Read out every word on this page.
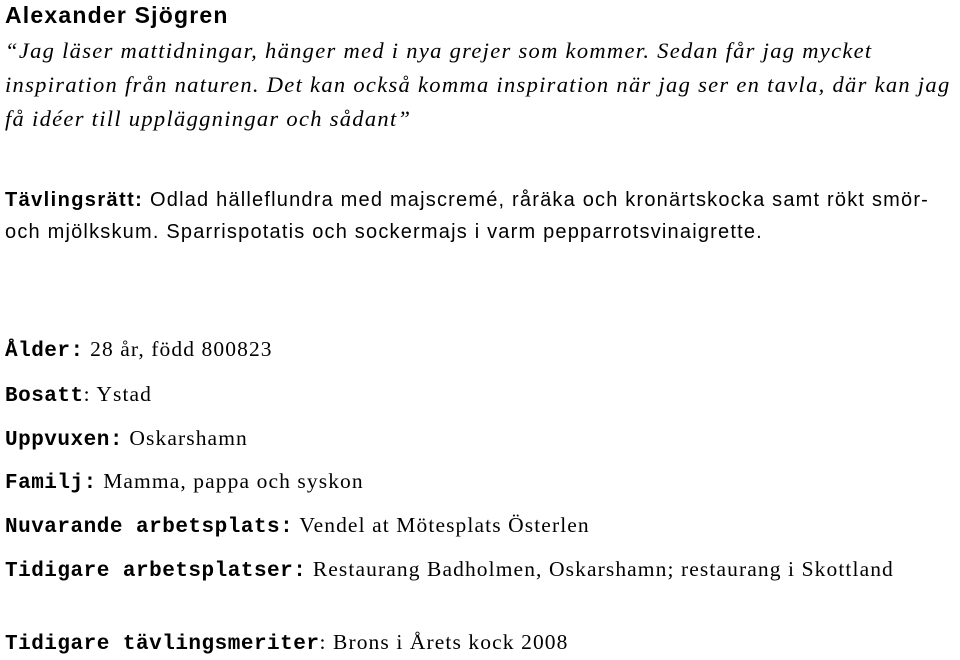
Alexander Sjögren

“Jag läser mattidningar, hänger med i nya grejer som kommer. Sedan får jag mycket inspiration från naturen. Det kan också komma inspiration när jag ser en tavla, där kan jag få idéer till uppläggningar och sådant”

Tävlingsrätt: Odlad hälleflundra med majscremé, råräka och kronärtskocka samt rökt smör- och mjölkskum. Sparrispotatis och sockermajs i varm pepparrotsvinaigrette.

Ålder: 28 år, född 800823

Bosatt: Ystad

Uppvuxen: Oskarshamn

Familj: Mamma, pappa och syskon

Nuvarande arbetsplats: Vendel at Mötesplats Österlen

Tidigare arbetsplatser: Restaurang Badholmen, Oskarshamn; restaurang i Skottland

Tidigare tävlingsmeriter: Brons i Årets kock 2008
